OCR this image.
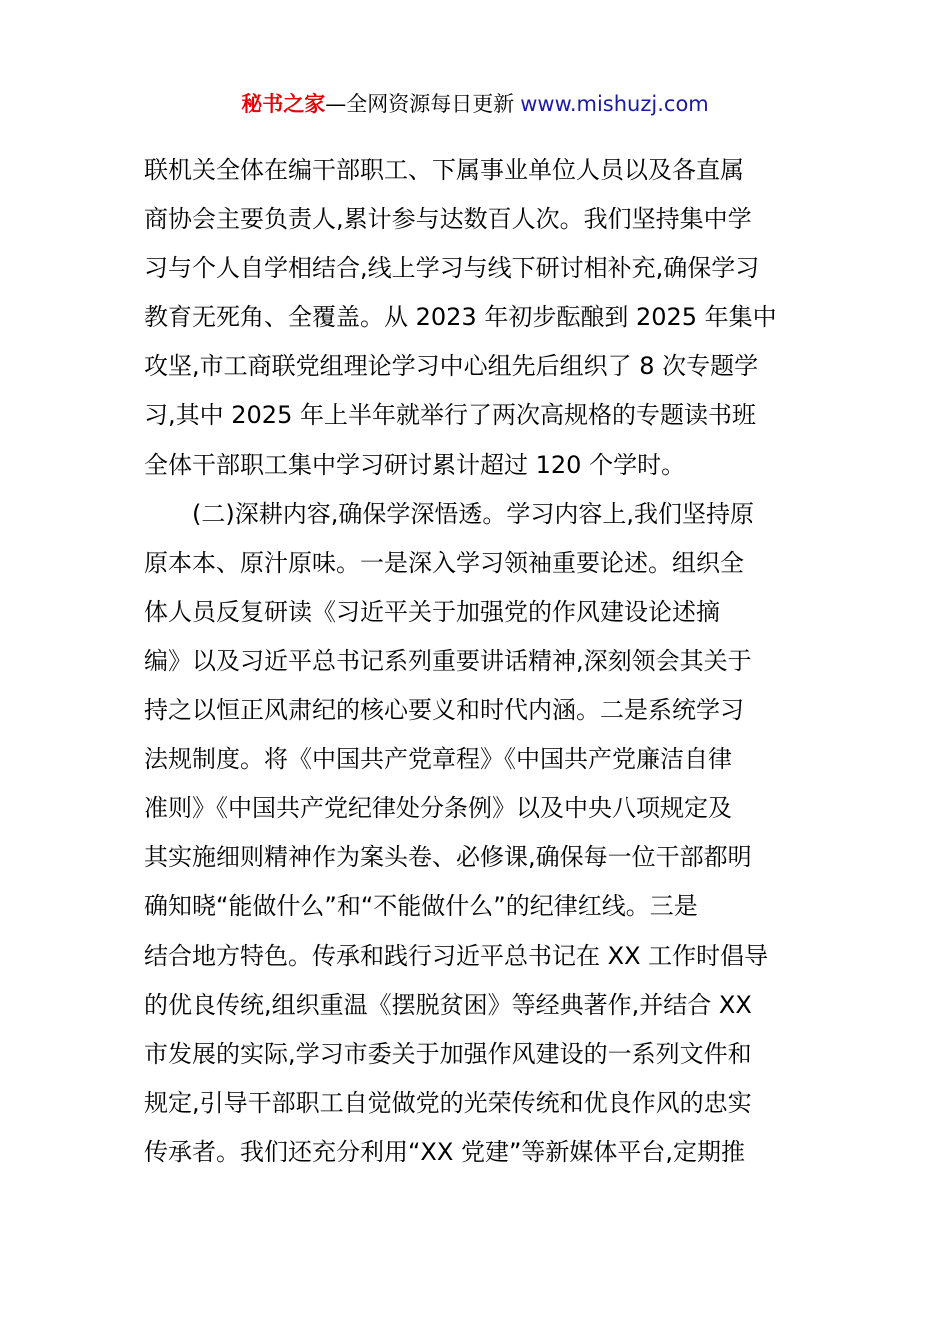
秘书之家—全网资源每日更新 www.mishuzj.com
联机关全体在编干部职工、下属事业单位人员以及各直属
商协会主要负责人,累计参与达数百人次。我们坚持集中学
习与个人自学相结合,线上学习与线下研讨相补充,确保学习
教育无死角、全覆盖。从 2023 年初步酝酿到 2025 年集中
攻坚,市工商联党组理论学习中心组先后组织了 8 次专题学
习,其中 2025 年上半年就举行了两次高规格的专题读书班
全体干部职工集中学习研讨累计超过 120 个学时。
　　(二)深耕内容,确保学深悟透。学习内容上,我们坚持原
原本本、原汁原味。一是深入学习领袖重要论述。组织全
体人员反复研读《习近平关于加强党的作风建设论述摘
编》以及习近平总书记系列重要讲话精神,深刻领会其关于
持之以恒正风肃纪的核心要义和时代内涵。二是系统学习
法规制度。将《中国共产党章程》《中国共产党廉洁自律
准则》《中国共产党纪律处分条例》以及中央八项规定及
其实施细则精神作为案头卷、必修课,确保每一位干部都明
确知晓“能做什么”和“不能做什么”的纪律红线。三是
结合地方特色。传承和践行习近平总书记在 XX 工作时倡导
的优良传统,组织重温《摆脱贫困》等经典著作,并结合 XX
市发展的实际,学习市委关于加强作风建设的一系列文件和
规定,引导干部职工自觉做党的光荣传统和优良作风的忠实
传承者。我们还充分利用“XX 党建”等新媒体平台,定期推
